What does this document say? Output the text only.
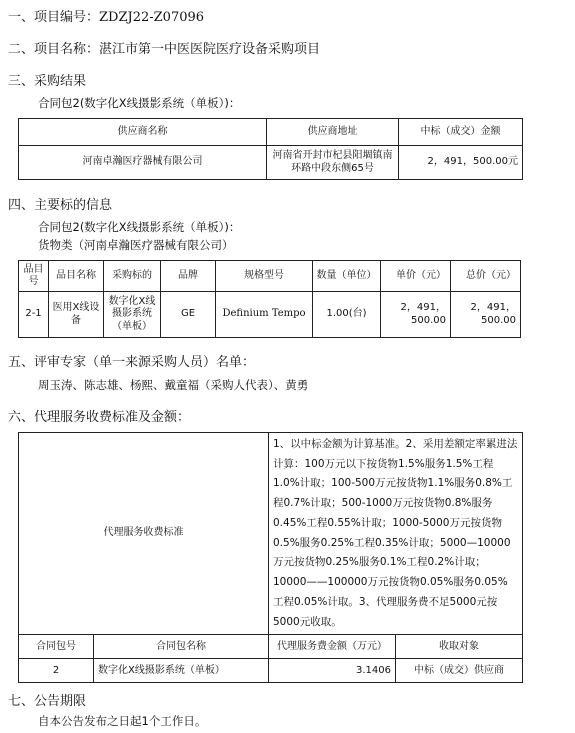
一、项目编号：ZDZJ22-Z07096
二、项目名称：湛江市第一中医医院医疗设备采购项目
三、采购结果
合同包2(数字化X线摄影系统（单板）)：
供应商名称	供应商地址	中标（成交）金额
河南卓瀚医疗器械有限公司	河南省开封市杞县阳堌镇南环路中段东侧65号	2，491，500.00元
四、主要标的信息
合同包2(数字化X线摄影系统（单板）)：
货物类（河南卓瀚医疗器械有限公司）
品目号	品目名称	采购标的	品牌	规格型号	数量（单位）	单价（元）	总价（元）
2-1	医用X线设备	数字化X线摄影系统（单板）	GE	Definium Tempo	1.00(台)	2，491，500.00	2，491，500.00
五、评审专家（单一来源采购人员）名单：
周玉涛、陈志雄、杨熙、戴童福（采购人代表）、黄勇
六、代理服务收费标准及金额：
代理服务收费标准		1、以中标金额为计算基准。2、采用差额定率累进法计算：100万元以下按货物1.5%服务1.5%工程1.0%计取；100-500万元按货物1.1%服务0.8%工程0.7%计取；500-1000万元按货物0.8%服务0.45%工程0.55%计取；1000-5000万元按货物0.5%服务0.25%工程0.35%计取；5000—10000万元按货物0.25%服务0.1%工程0.2%计取；10000——100000万元按货物0.05%服务0.05%工程0.05%计取。3、代理服务费不足5000元按5000元收取。	
合同包号	合同包名称	代理服务费金额（万元）	收取对象
2	数字化X线摄影系统（单板）	3.1406	中标（成交）供应商
七、公告期限
自本公告发布之日起1个工作日。
